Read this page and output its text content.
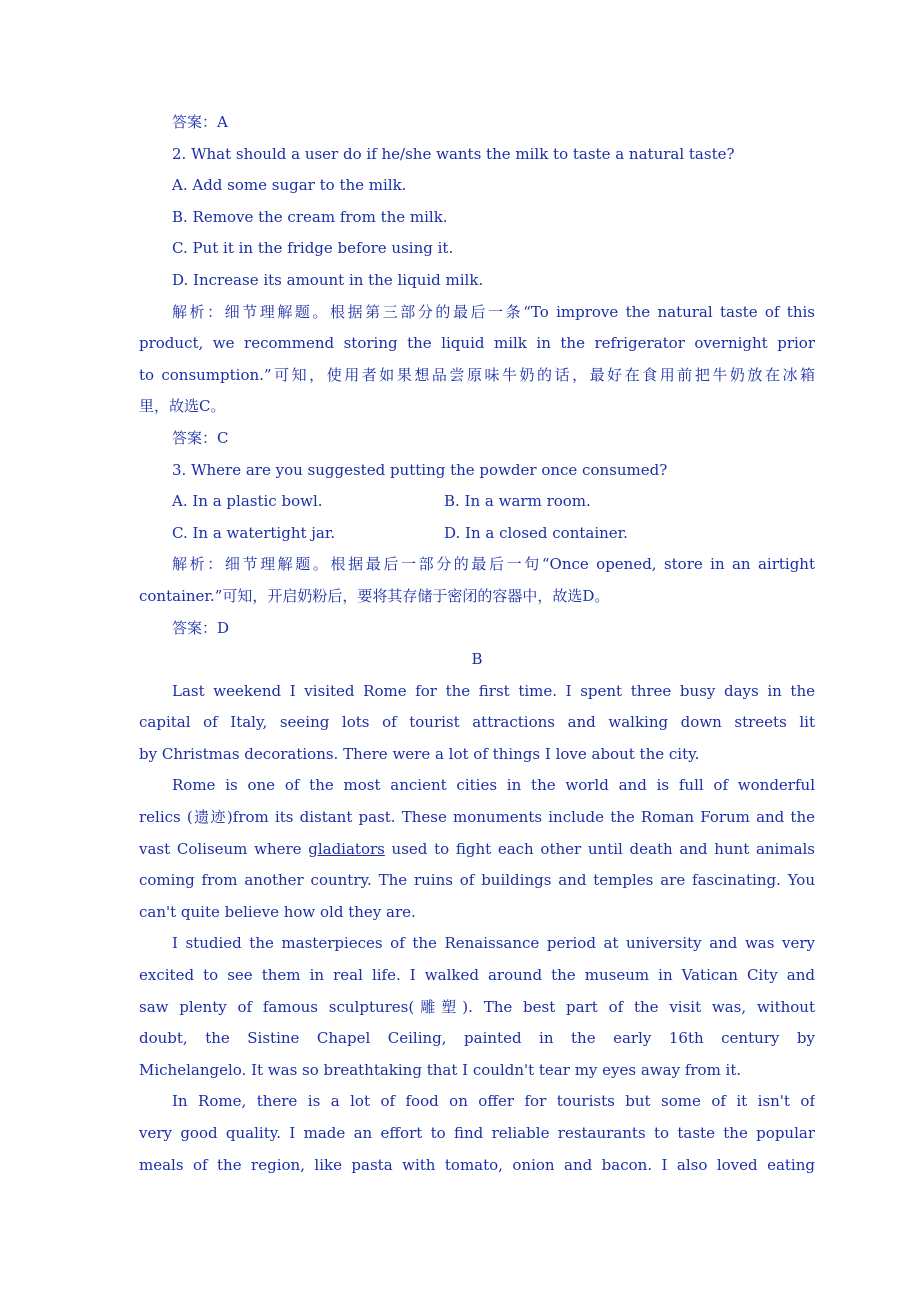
答案：A
2. What should a user do if he/she wants the milk to taste a natural taste?
A. Add some sugar to the milk.
B. Remove the cream from the milk.
C. Put it in the fridge before using it.
D. Increase its amount in the liquid milk.
解析：细节理解题。根据第三部分的最后一条“To improve the natural taste of this
product, we recommend storing the liquid milk in the refrigerator overnight prior
to consumption.”可知，使用者如果想品尝原味牛奶的话，最好在食用前把牛奶放在冰箱
里，故选C。
答案：C
3. Where are you suggested putting the powder once consumed?
A. In a plastic bowl.	B. In a warm room.
C. In a watertight jar.	D. In a closed container.
解析：细节理解题。根据最后一部分的最后一句“Once opened, store in an airtight
container.”可知，开启奶粉后，要将其存储于密闭的容器中，故选D。
答案：D
B
Last weekend I visited Rome for the first time. I spent three busy days in the
capital of Italy, seeing lots of tourist attractions and walking down streets lit
by Christmas decorations. There were a lot of things I love about the city.
Rome is one of the most ancient cities in the world and is full of wonderful
relics (遗迹)from its distant past. These monuments include the Roman Forum and the
vast Coliseum where gladiators used to fight each other until death and hunt animals
coming from another country. The ruins of buildings and temples are fascinating. You
can't quite believe how old they are.
I studied the masterpieces of the Renaissance period at university and was very
excited to see them in real life. I walked around the museum in Vatican City and
saw plenty of famous sculptures(雕塑). The best part of the visit was, without
doubt, the Sistine Chapel Ceiling, painted in the early 16th century by
Michelangelo. It was so breathtaking that I couldn't tear my eyes away from it.
In Rome, there is a lot of food on offer for tourists but some of it isn't of
very good quality. I made an effort to find reliable restaurants to taste the popular
meals of the region, like pasta with tomato, onion and bacon. I also loved eating
